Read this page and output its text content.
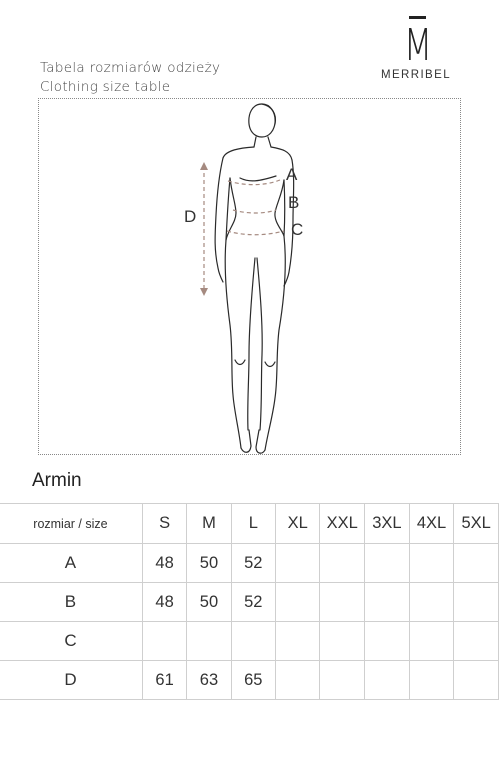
Tabela rozmiarów odzieży
Clothing size table
M
MERRIBEL
A
B
C
D
Armin
rozmiar / size	S	M	L	XL	XXL	3XL	4XL	5XL
A	48	50	52					
B	48	50	52					
C								
D	61	63	65					
